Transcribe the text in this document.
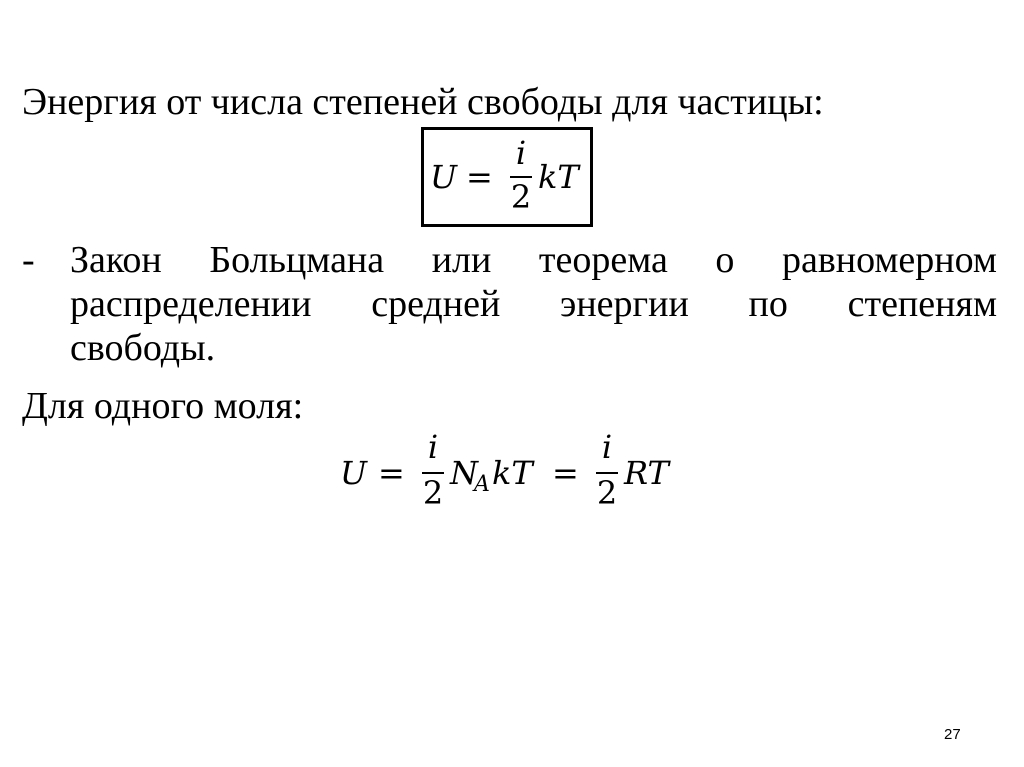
Энергия от числа степеней свободы для частицы:
U =
i
2
kT
- Закон Больцмана или теорема о равномерном
распределении средней энергии по степеням
свободы.
Для одного моля:
U =
i
2
N
A kT =
i
2
RT
27
